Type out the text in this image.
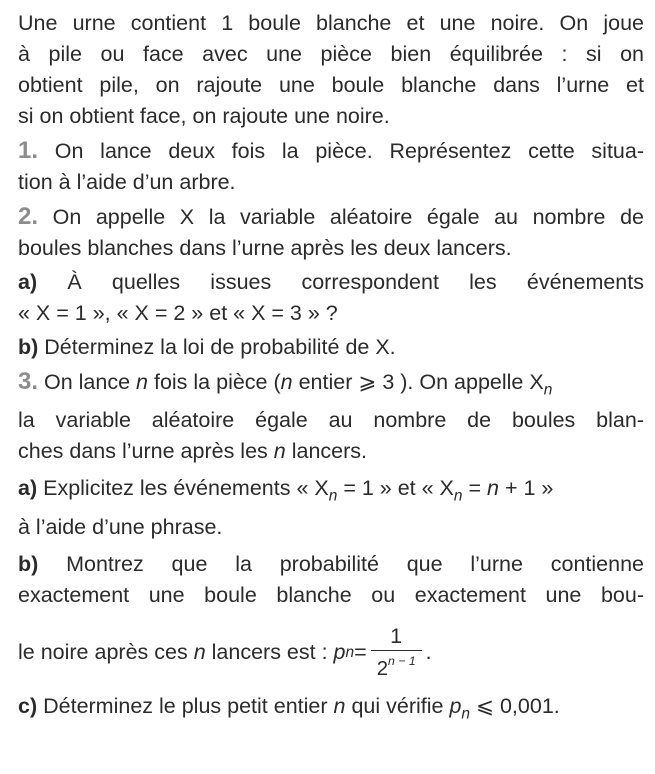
Une urne contient 1 boule blanche et une noire. On joue

à pile ou face avec une pièce bien équilibrée : si on

obtient pile, on rajoute une boule blanche dans l’urne et

si on obtient face, on rajoute une noire.

1. On lance deux fois la pièce. Représentez cette situa-

tion à l’aide d’un arbre.

2. On appelle X la variable aléatoire égale au nombre de

boules blanches dans l’urne après les deux lancers.

a) À quelles issues correspondent les événements

« X = 1 », « X = 2 » et « X = 3 » ?

b) Déterminez la loi de probabilité de X.

3. On lance n fois la pièce (n entier ⩾ 3 ). On appelle $X_n$

la variable aléatoire égale au nombre de boules blan-

ches dans l’urne après les n lancers.

a) Explicitez les événements « $X_n = 1$ » et « $X_n = n + 1$ »

à l’aide d’une phrase.

b) Montrez que la probabilité que l’urne contienne

exactement une boule blanche ou exactement une bou-

le noire après ces
n
lancers est :
p $n = \frac{1}{2^{n - 1}}$ .

c) Déterminez le plus petit entier n qui vérifie $p_n$ ⩽ 0,001.
